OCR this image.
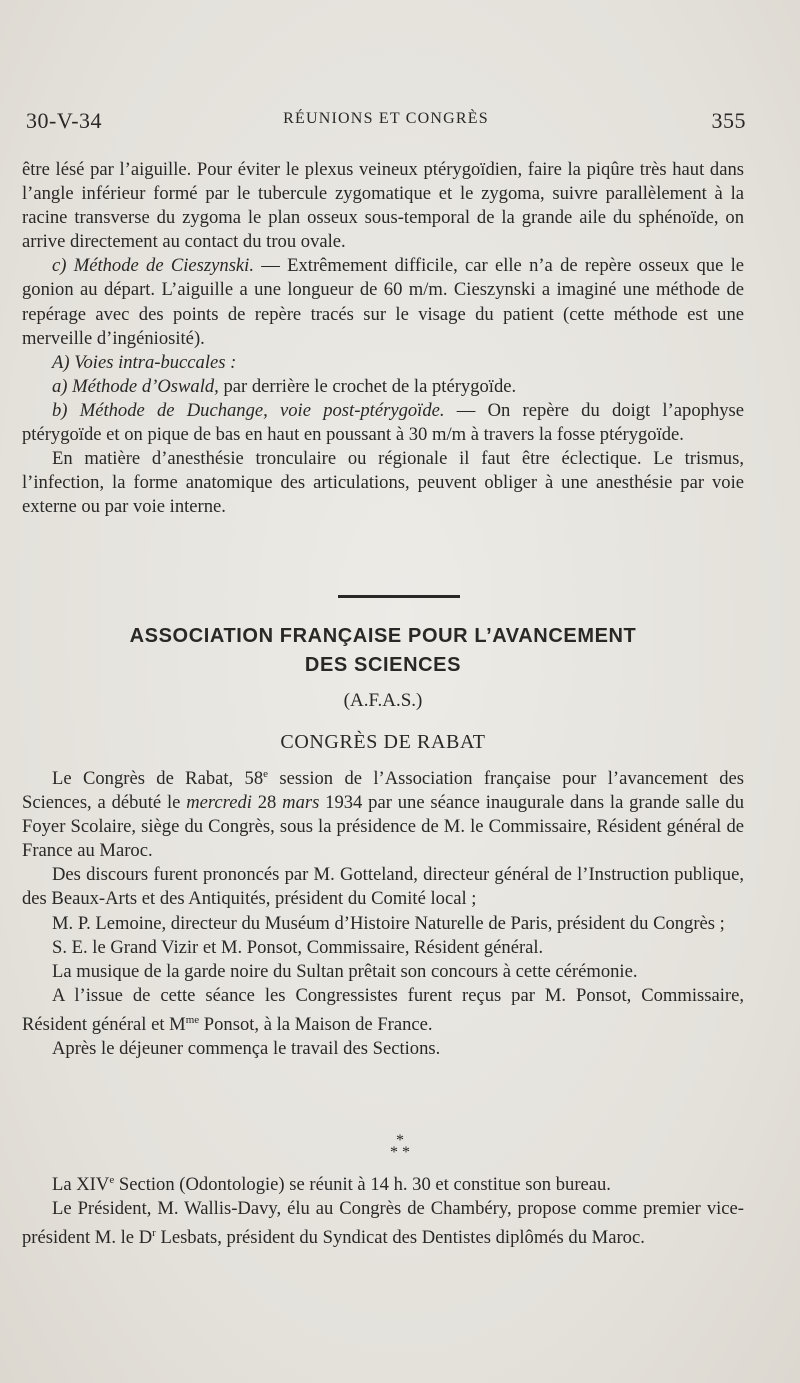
30-V-34	RÉUNIONS ET CONGRÈS	355

être lésé par l’aiguille. Pour éviter le plexus veineux ptérygoïdien, faire la piqûre très haut dans l’angle inférieur formé par le tubercule zygomatique et le zygoma, suivre parallèlement à la racine transverse du zygoma le plan osseux sous-temporal de la grande aile du sphénoïde, on arrive directement au contact du trou ovale.

c) Méthode de Cieszynski. — Extrêmement difficile, car elle n’a de repère osseux que le gonion au départ. L’aiguille a une longueur de 60 m/m. Cieszynski a imaginé une méthode de repérage avec des points de repère tracés sur le visage du patient (cette méthode est une merveille d’ingéniosité).

A) Voies intra-buccales :

a) Méthode d’Oswald, par derrière le crochet de la ptérygoïde.

b) Méthode de Duchange, voie post-ptérygoïde. — On repère du doigt l’apophyse ptérygoïde et on pique de bas en haut en poussant à 30 m/m à travers la fosse ptérygoïde.

En matière d’anesthésie tronculaire ou régionale il faut être éclectique. Le trismus, l’infection, la forme anatomique des articulations, peuvent obliger à une anesthésie par voie externe ou par voie interne.

ASSOCIATION FRANÇAISE POUR L’AVANCEMENT
DES SCIENCES
(A.F.A.S.)
CONGRÈS DE RABAT

Le Congrès de Rabat, 58e session de l’Association française pour l’avancement des Sciences, a débuté le mercredi 28 mars 1934 par une séance inaugurale dans la grande salle du Foyer Scolaire, siège du Congrès, sous la présidence de M. le Commissaire, Résident général de France au Maroc.

Des discours furent prononcés par M. Gotteland, directeur général de l’Instruction publique, des Beaux-Arts et des Antiquités, président du Comité local ;

M. P. Lemoine, directeur du Muséum d’Histoire Naturelle de Paris, président du Congrès ;

S. E. le Grand Vizir et M. Ponsot, Commissaire, Résident général.

La musique de la garde noire du Sultan prêtait son concours à cette cérémonie.

A l’issue de cette séance les Congressistes furent reçus par M. Ponsot, Commissaire, Résident général et $M^{me}$ Ponsot, à la Maison de France.

Après le déjeuner commença le travail des Sections.

*
* *

La XIVe Section (Odontologie) se réunit à 14 h. 30 et constitue son bureau.

Le Président, M. Wallis-Davy, élu au Congrès de Chambéry, propose comme premier vice-président M. le $D^r$ Lesbats, président du Syndicat des Dentistes diplômés du Maroc.
